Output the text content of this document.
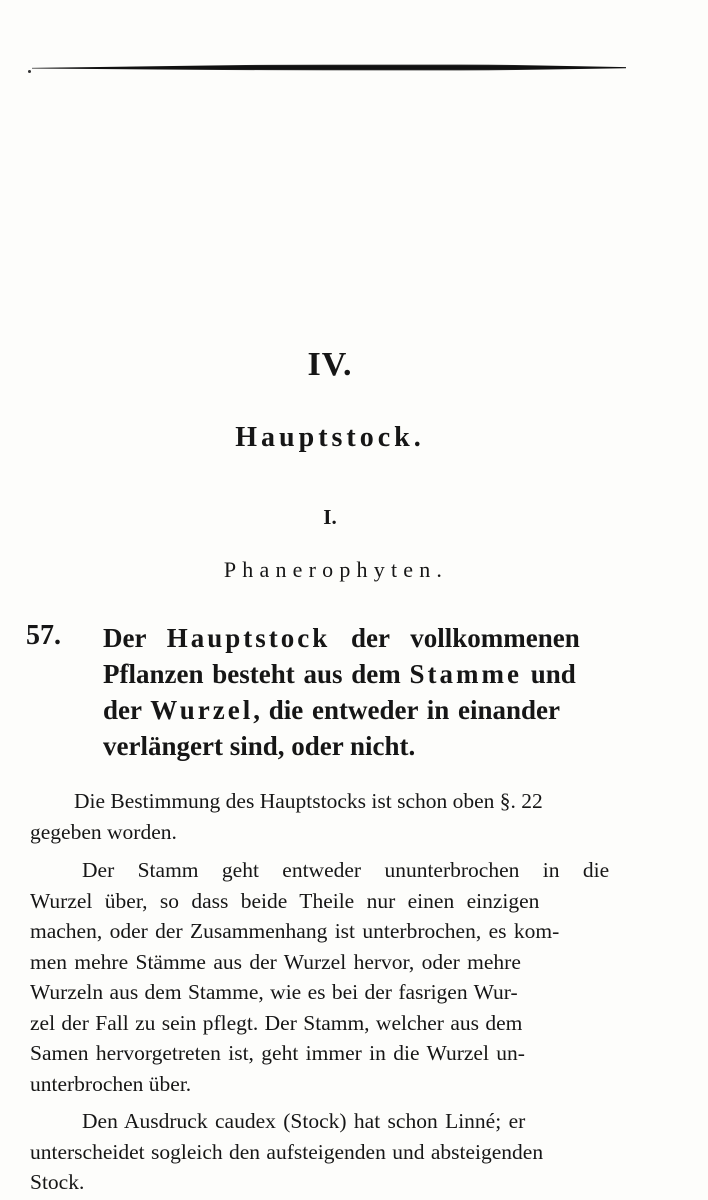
IV.
Hauptstock.
I.
Phanerophyten.
57. Der Hauptstock der vollkommenen
Pflanzen besteht aus dem Stamme und
der Wurzel, die entweder in einander
verlängert sind, oder nicht.

Die Bestimmung des Hauptstocks ist schon oben §. 22
gegeben worden.

Der Stamm geht entweder ununterbrochen in die
Wurzel über, so dass beide Theile nur einen einzigen
machen, oder der Zusammenhang ist unterbrochen, es kom-
men mehre Stämme aus der Wurzel hervor, oder mehre
Wurzeln aus dem Stamme, wie es bei der fasrigen Wur-
zel der Fall zu sein pflegt. Der Stamm, welcher aus dem
Samen hervorgetreten ist, geht immer in die Wurzel un-
unterbrochen über.

Den Ausdruck caudex (Stock) hat schon Linné; er
unterscheidet sogleich den aufsteigenden und absteigenden
Stock.
